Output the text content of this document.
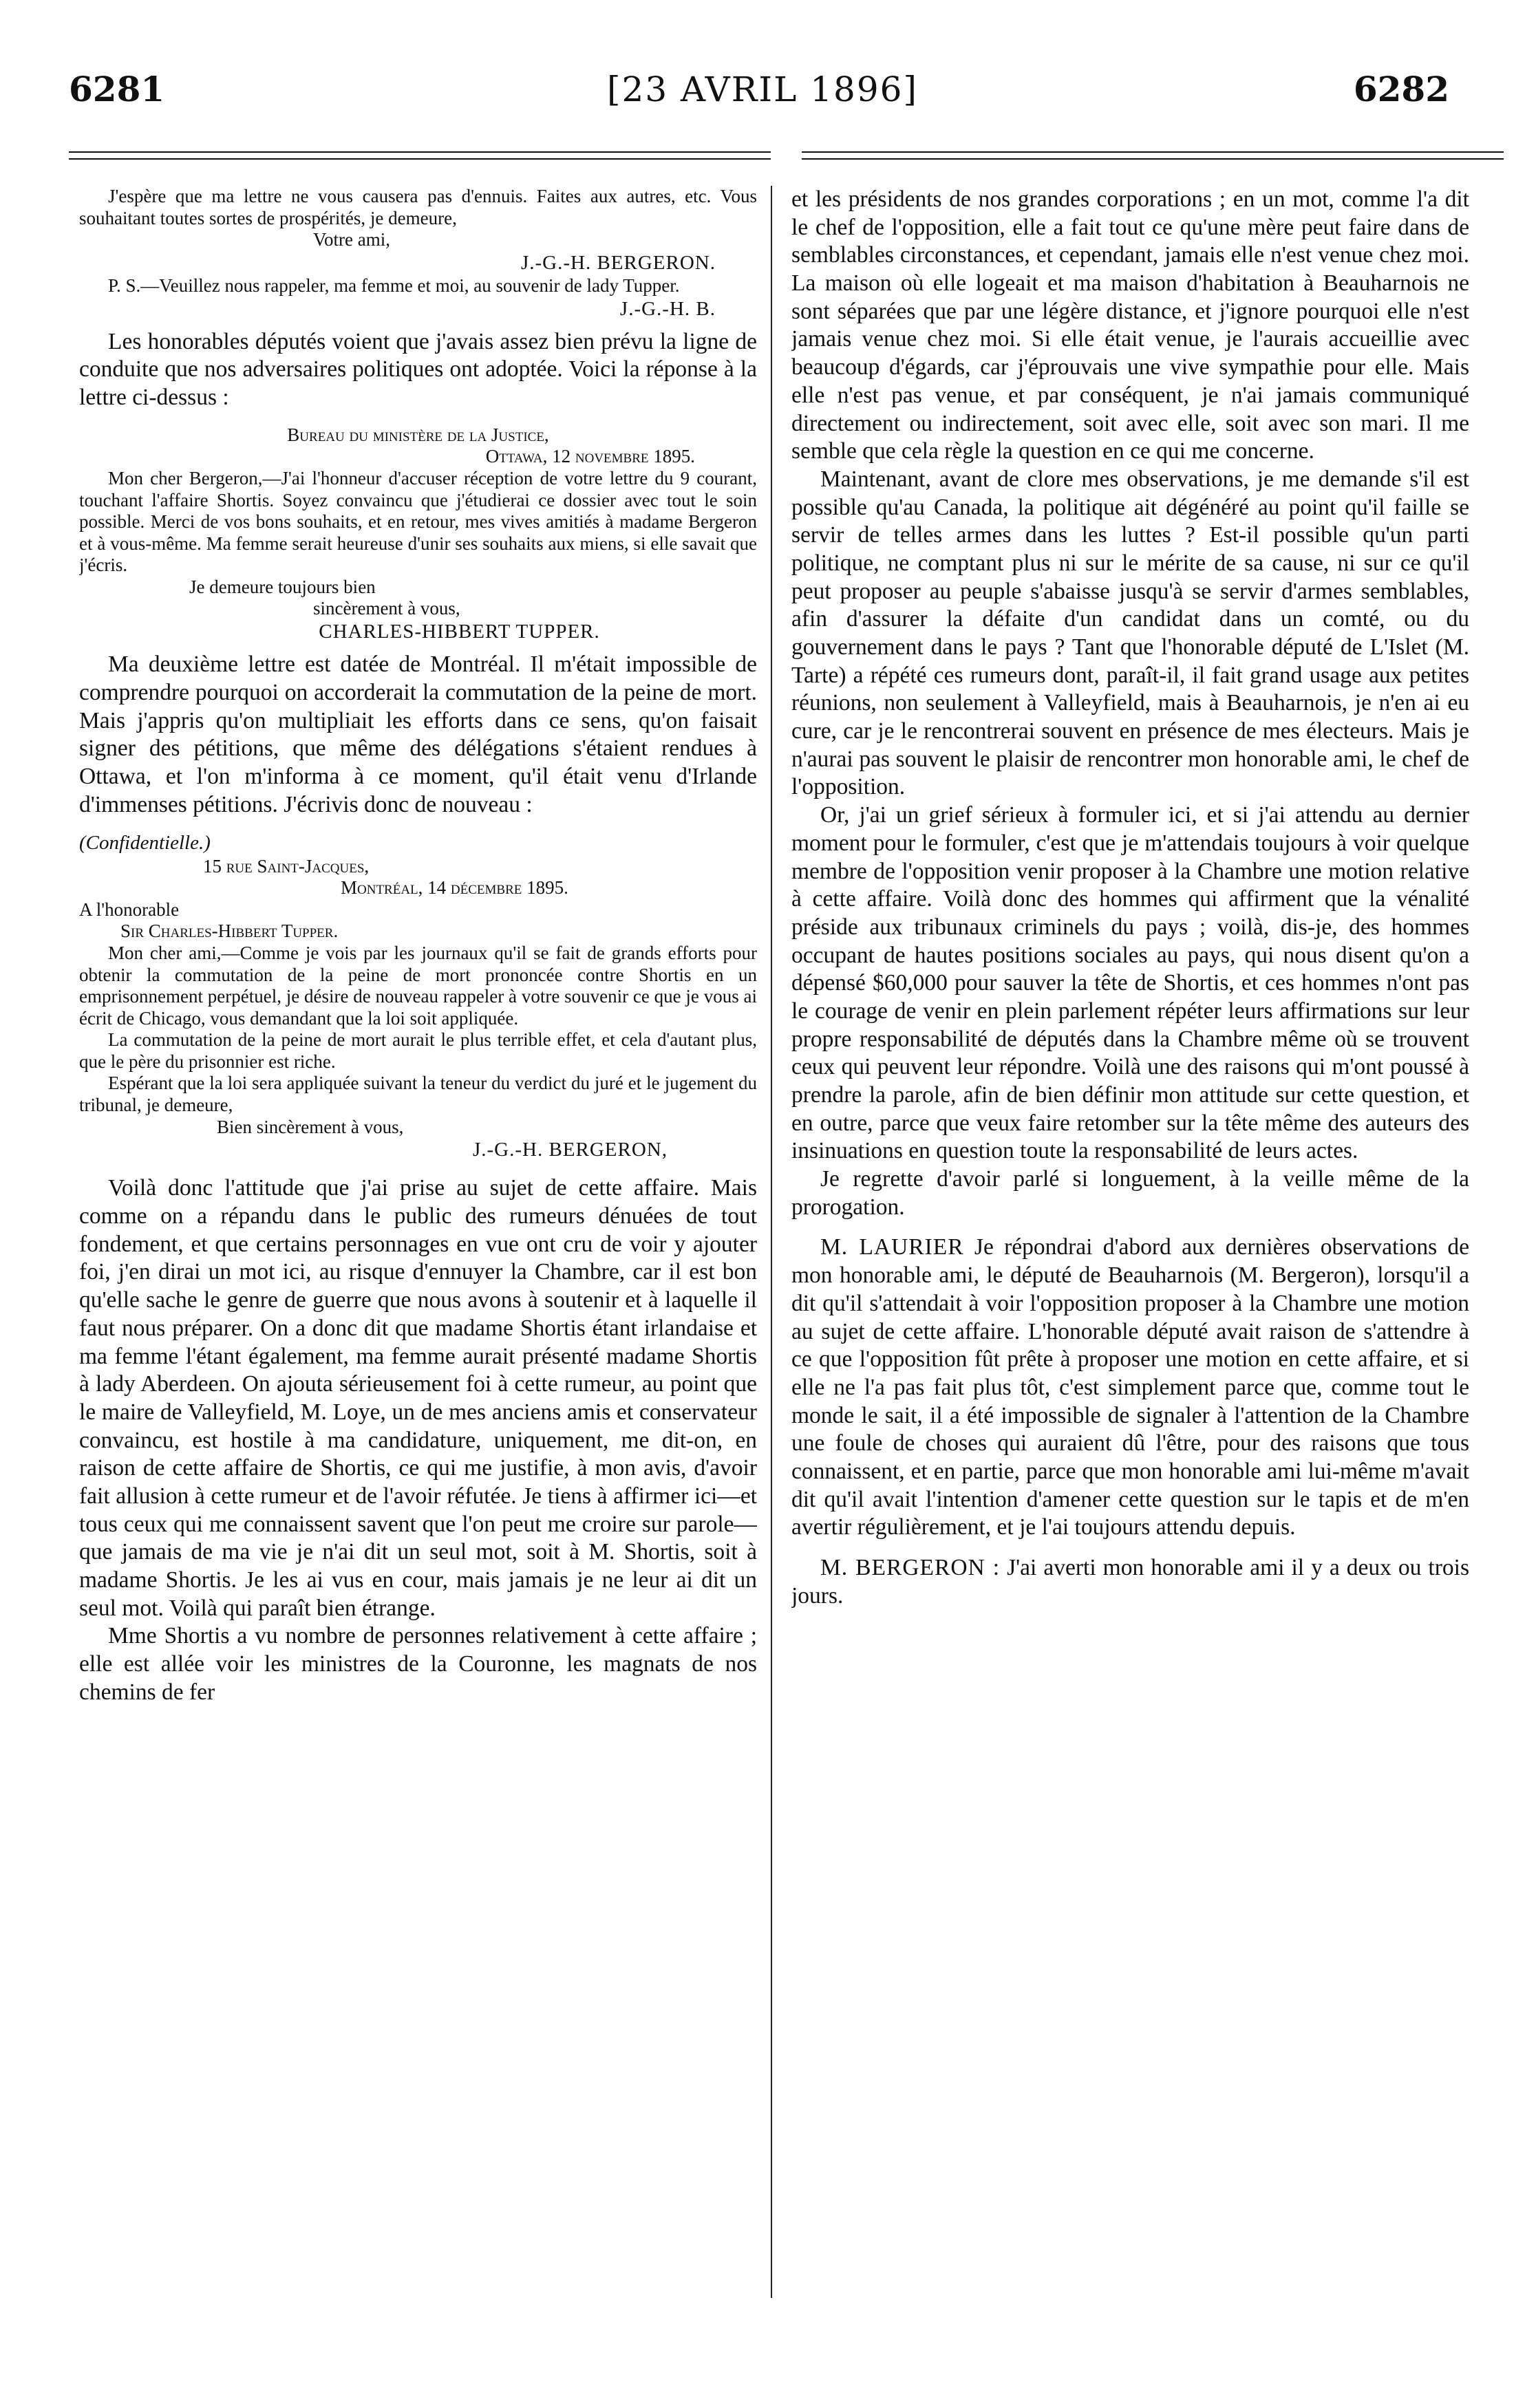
6281	[23 AVRIL 1896]	6282

J'espère que ma lettre ne vous causera pas d'ennuis. Faites aux autres, etc. Vous souhaitant toutes sortes de prospérités, je demeure,

Votre ami,

J.-G.-H. BERGERON.

P. S.—Veuillez nous rappeler, ma femme et moi, au souvenir de lady Tupper.

J.-G.-H. B.

Les honorables députés voient que j'avais assez bien prévu la ligne de conduite que nos adversaires politiques ont adoptée. Voici la réponse à la lettre ci-dessus :

Bureau du ministère de la Justice,

Ottawa, 12 novembre 1895.

Mon cher Bergeron,—J'ai l'honneur d'accuser réception de votre lettre du 9 courant, touchant l'affaire Shortis. Soyez convaincu que j'étudierai ce dossier avec tout le soin possible. Merci de vos bons souhaits, et en retour, mes vives amitiés à madame Bergeron et à vous-même. Ma femme serait heureuse d'unir ses souhaits aux miens, si elle savait que j'écris.

Je demeure toujours bien

sincèrement à vous,

CHARLES-HIBBERT TUPPER.

Ma deuxième lettre est datée de Montréal. Il m'était impossible de comprendre pourquoi on accorderait la commutation de la peine de mort. Mais j'appris qu'on multipliait les efforts dans ce sens, qu'on faisait signer des pétitions, que même des délégations s'étaient rendues à Ottawa, et l'on m'informa à ce moment, qu'il était venu d'Irlande d'immenses pétitions. J'écrivis donc de nouveau :

(Confidentielle.)

15 rue Saint-Jacques,

Montréal, 14 décembre 1895.

A l'honorable

Sir Charles-Hibbert Tupper.

Mon cher ami,—Comme je vois par les journaux qu'il se fait de grands efforts pour obtenir la commutation de la peine de mort prononcée contre Shortis en un emprisonnement perpétuel, je désire de nouveau rappeler à votre souvenir ce que je vous ai écrit de Chicago, vous demandant que la loi soit appliquée.

La commutation de la peine de mort aurait le plus terrible effet, et cela d'autant plus, que le père du prisonnier est riche.

Espérant que la loi sera appliquée suivant la teneur du verdict du juré et le jugement du tribunal, je demeure,

Bien sincèrement à vous,

J.-G.-H. BERGERON,

Voilà donc l'attitude que j'ai prise au sujet de cette affaire. Mais comme on a répandu dans le public des rumeurs dénuées de tout fondement, et que certains personnages en vue ont cru de voir y ajouter foi, j'en dirai un mot ici, au risque d'ennuyer la Chambre, car il est bon qu'elle sache le genre de guerre que nous avons à soutenir et à laquelle il faut nous préparer. On a donc dit que madame Shortis étant irlandaise et ma femme l'étant également, ma femme aurait présenté madame Shortis à lady Aberdeen. On ajouta sérieusement foi à cette rumeur, au point que le maire de Valleyfield, M. Loye, un de mes anciens amis et conservateur convaincu, est hostile à ma candidature, uniquement, me dit-on, en raison de cette affaire de Shortis, ce qui me justifie, à mon avis, d'avoir fait allusion à cette rumeur et de l'avoir réfutée. Je tiens à affirmer ici—et tous ceux qui me connaissent savent que l'on peut me croire sur parole—que jamais de ma vie je n'ai dit un seul mot, soit à M. Shortis, soit à madame Shortis. Je les ai vus en cour, mais jamais je ne leur ai dit un seul mot. Voilà qui paraît bien étrange.

Mme Shortis a vu nombre de personnes relativement à cette affaire ; elle est allée voir les ministres de la Couronne, les magnats de nos chemins de fer

et les présidents de nos grandes corporations ; en un mot, comme l'a dit le chef de l'opposition, elle a fait tout ce qu'une mère peut faire dans de semblables circonstances, et cependant, jamais elle n'est venue chez moi. La maison où elle logeait et ma maison d'habitation à Beauharnois ne sont séparées que par une légère distance, et j'ignore pourquoi elle n'est jamais venue chez moi. Si elle était venue, je l'aurais accueillie avec beaucoup d'égards, car j'éprouvais une vive sympathie pour elle. Mais elle n'est pas venue, et par conséquent, je n'ai jamais communiqué directement ou indirectement, soit avec elle, soit avec son mari. Il me semble que cela règle la question en ce qui me concerne.

Maintenant, avant de clore mes observations, je me demande s'il est possible qu'au Canada, la politique ait dégénéré au point qu'il faille se servir de telles armes dans les luttes ? Est-il possible qu'un parti politique, ne comptant plus ni sur le mérite de sa cause, ni sur ce qu'il peut proposer au peuple s'abaisse jusqu'à se servir d'armes semblables, afin d'assurer la défaite d'un candidat dans un comté, ou du gouvernement dans le pays ? Tant que l'honorable député de L'Islet (M. Tarte) a répété ces rumeurs dont, paraît-il, il fait grand usage aux petites réunions, non seulement à Valleyfield, mais à Beauharnois, je n'en ai eu cure, car je le rencontrerai souvent en présence de mes électeurs. Mais je n'aurai pas souvent le plaisir de rencontrer mon honorable ami, le chef de l'opposition.

Or, j'ai un grief sérieux à formuler ici, et si j'ai attendu au dernier moment pour le formuler, c'est que je m'attendais toujours à voir quelque membre de l'opposition venir proposer à la Chambre une motion relative à cette affaire. Voilà donc des hommes qui affirment que la vénalité préside aux tribunaux criminels du pays ; voilà, dis-je, des hommes occupant de hautes positions sociales au pays, qui nous disent qu'on a dépensé $60,000 pour sauver la tête de Shortis, et ces hommes n'ont pas le courage de venir en plein parlement répéter leurs affirmations sur leur propre responsabilité de députés dans la Chambre même où se trouvent ceux qui peuvent leur répondre. Voilà une des raisons qui m'ont poussé à prendre la parole, afin de bien définir mon attitude sur cette question, et en outre, parce que veux faire retomber sur la tête même des auteurs des insinuations en question toute la responsabilité de leurs actes.

Je regrette d'avoir parlé si longuement, à la veille même de la prorogation.

M. LAURIER Je répondrai d'abord aux dernières observations de mon honorable ami, le député de Beauharnois (M. Bergeron), lorsqu'il a dit qu'il s'attendait à voir l'opposition proposer à la Chambre une motion au sujet de cette affaire. L'honorable député avait raison de s'attendre à ce que l'opposition fût prête à proposer une motion en cette affaire, et si elle ne l'a pas fait plus tôt, c'est simplement parce que, comme tout le monde le sait, il a été impossible de signaler à l'attention de la Chambre une foule de choses qui auraient dû l'être, pour des raisons que tous connaissent, et en partie, parce que mon honorable ami lui-même m'avait dit qu'il avait l'intention d'amener cette question sur le tapis et de m'en avertir régulièrement, et je l'ai toujours attendu depuis.

M. BERGERON : J'ai averti mon honorable ami il y a deux ou trois jours.
